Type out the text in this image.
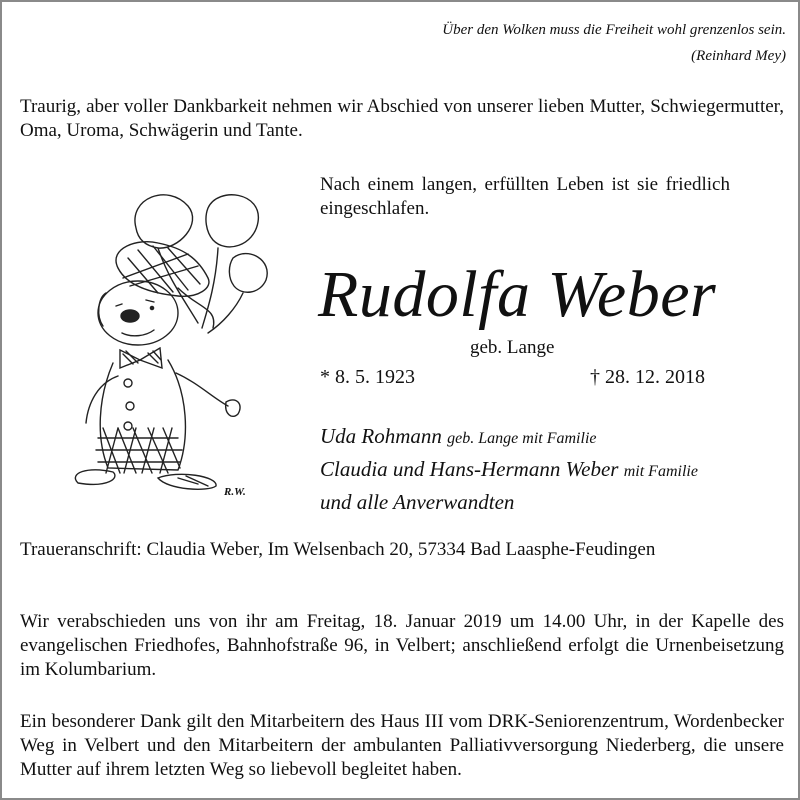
Über den Wolken muss die Freiheit wohl grenzenlos sein.

(Reinhard Mey)

Traurig, aber voller Dankbarkeit nehmen wir Abschied von unserer lieben Mutter, Schwiegermutter, Oma, Uroma, Schwägerin und Tante.

Nach einem langen, erfüllten Leben ist sie friedlich eingeschlafen.

R.W.

Rudolfa Weber

geb. Lange

* 8. 5. 1923	† 28. 12. 2018

Uda Rohmann geb. Lange mit Familie

Claudia und Hans-Hermann Weber mit Familie

und alle Anverwandten

Traueranschrift: Claudia Weber, Im Welsenbach 20, 57334 Bad Laasphe-Feudingen

Wir verabschieden uns von ihr am Freitag, 18. Januar 2019 um 14.00 Uhr, in der Kapelle des evangelischen Friedhofes, Bahnhofstraße 96, in Velbert; anschließend erfolgt die Urnenbeisetzung im Kolumbarium.

Ein besonderer Dank gilt den Mitarbeitern des Haus III vom DRK-Seniorenzentrum, Wordenbecker Weg in Velbert und den Mitarbeitern der ambulanten Palliativversorgung Niederberg, die unsere Mutter auf ihrem letzten Weg so liebevoll begleitet haben.
